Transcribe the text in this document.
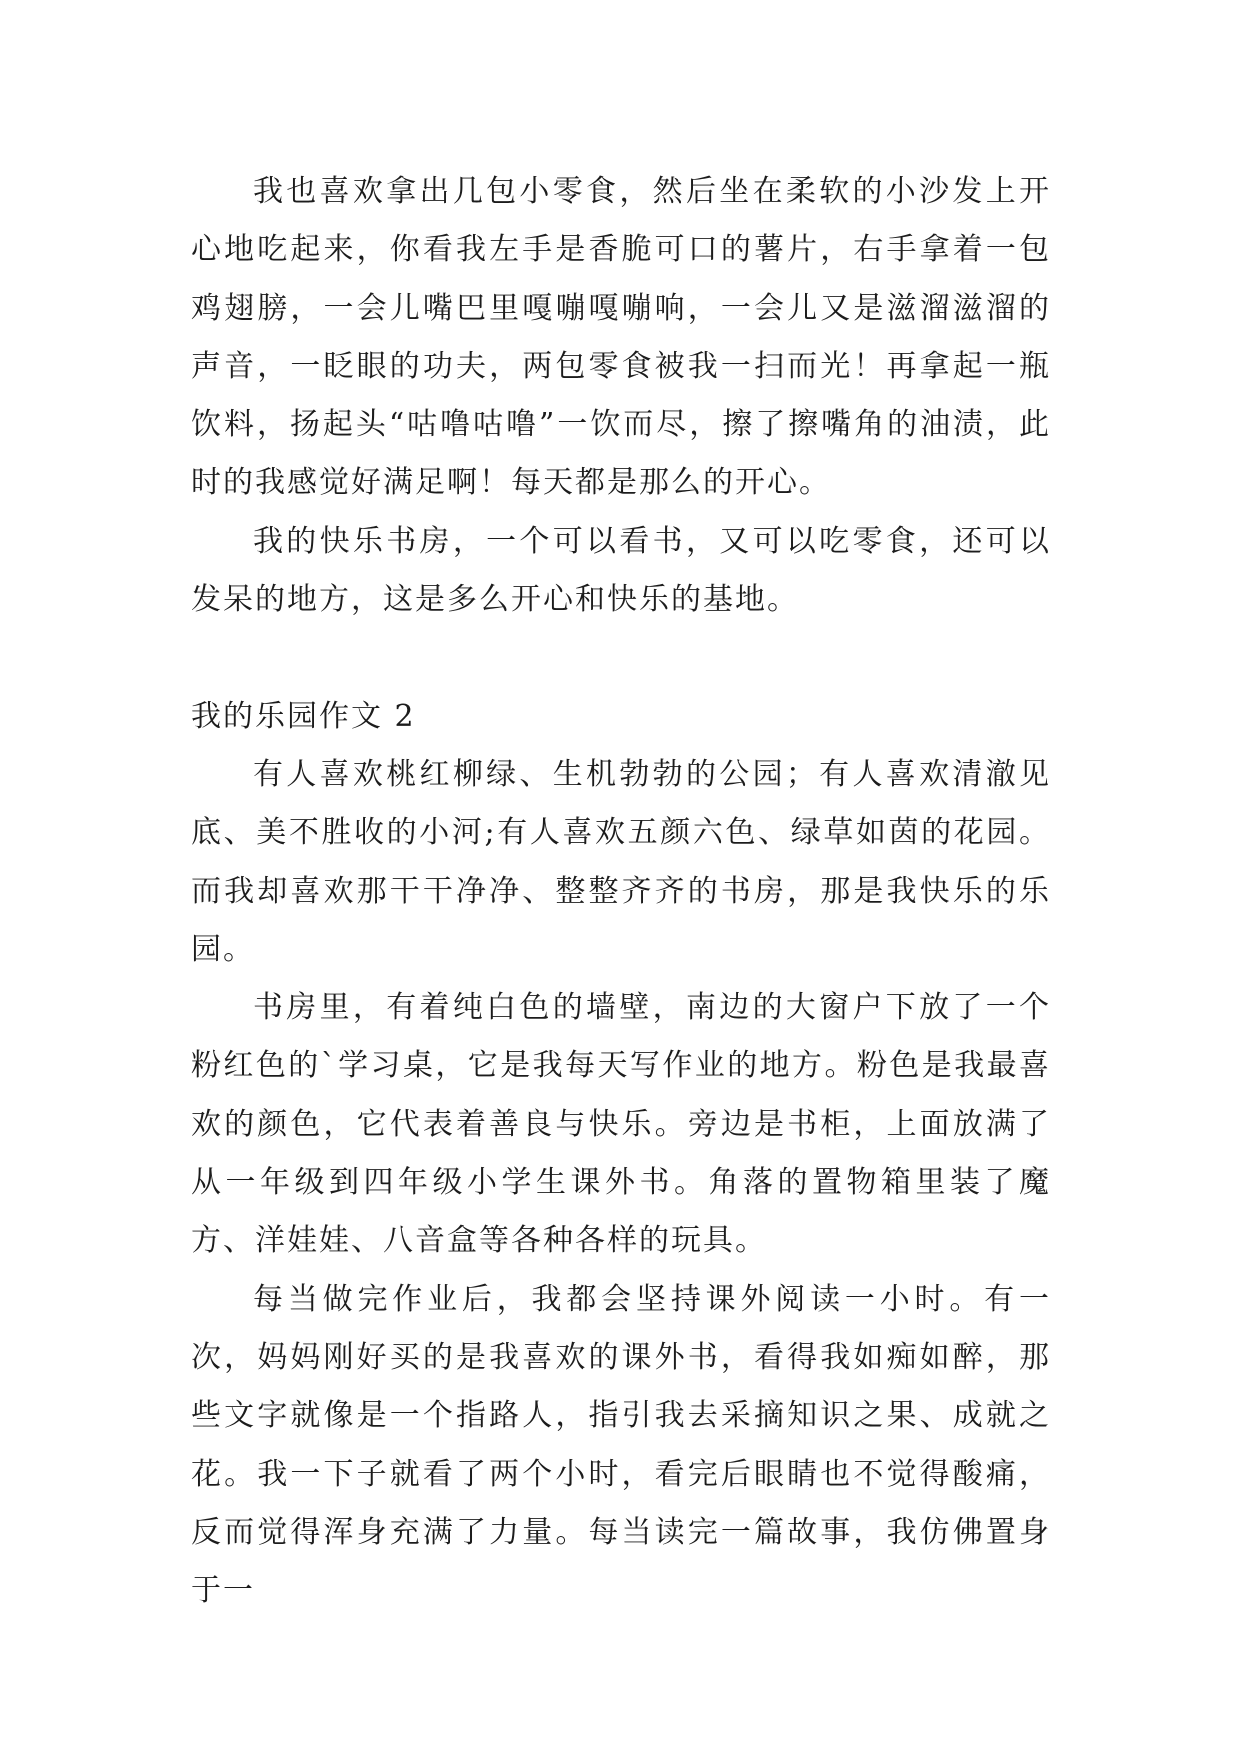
我也喜欢拿出几包小零食，然后坐在柔软的小沙发上开心地吃起来，你看我左手是香脆可口的薯片，右手拿着一包鸡翅膀，一会儿嘴巴里嘎嘣嘎嘣响，一会儿又是滋溜滋溜的声音，一眨眼的功夫，两包零食被我一扫而光！再拿起一瓶饮料，扬起头“咕噜咕噜”一饮而尽，擦了擦嘴角的油渍，此时的我感觉好满足啊！每天都是那么的开心。

我的快乐书房，一个可以看书，又可以吃零食，还可以发呆的地方，这是多么开心和快乐的基地。

我的乐园作文 2

有人喜欢桃红柳绿、生机勃勃的公园；有人喜欢清澈见底、美不胜收的小河;有人喜欢五颜六色、绿草如茵的花园。而我却喜欢那干干净净、整整齐齐的书房，那是我快乐的乐园。

书房里，有着纯白色的墙壁，南边的大窗户下放了一个粉红色的`学习桌，它是我每天写作业的地方。粉色是我最喜欢的颜色，它代表着善良与快乐。旁边是书柜，上面放满了从一年级到四年级小学生课外书。角落的置物箱里装了魔方、洋娃娃、八音盒等各种各样的玩具。

每当做完作业后，我都会坚持课外阅读一小时。有一次，妈妈刚好买的是我喜欢的课外书，看得我如痴如醉，那些文字就像是一个指路人，指引我去采摘知识之果、成就之花。我一下子就看了两个小时，看完后眼睛也不觉得酸痛，反而觉得浑身充满了力量。每当读完一篇故事，我仿佛置身于一
